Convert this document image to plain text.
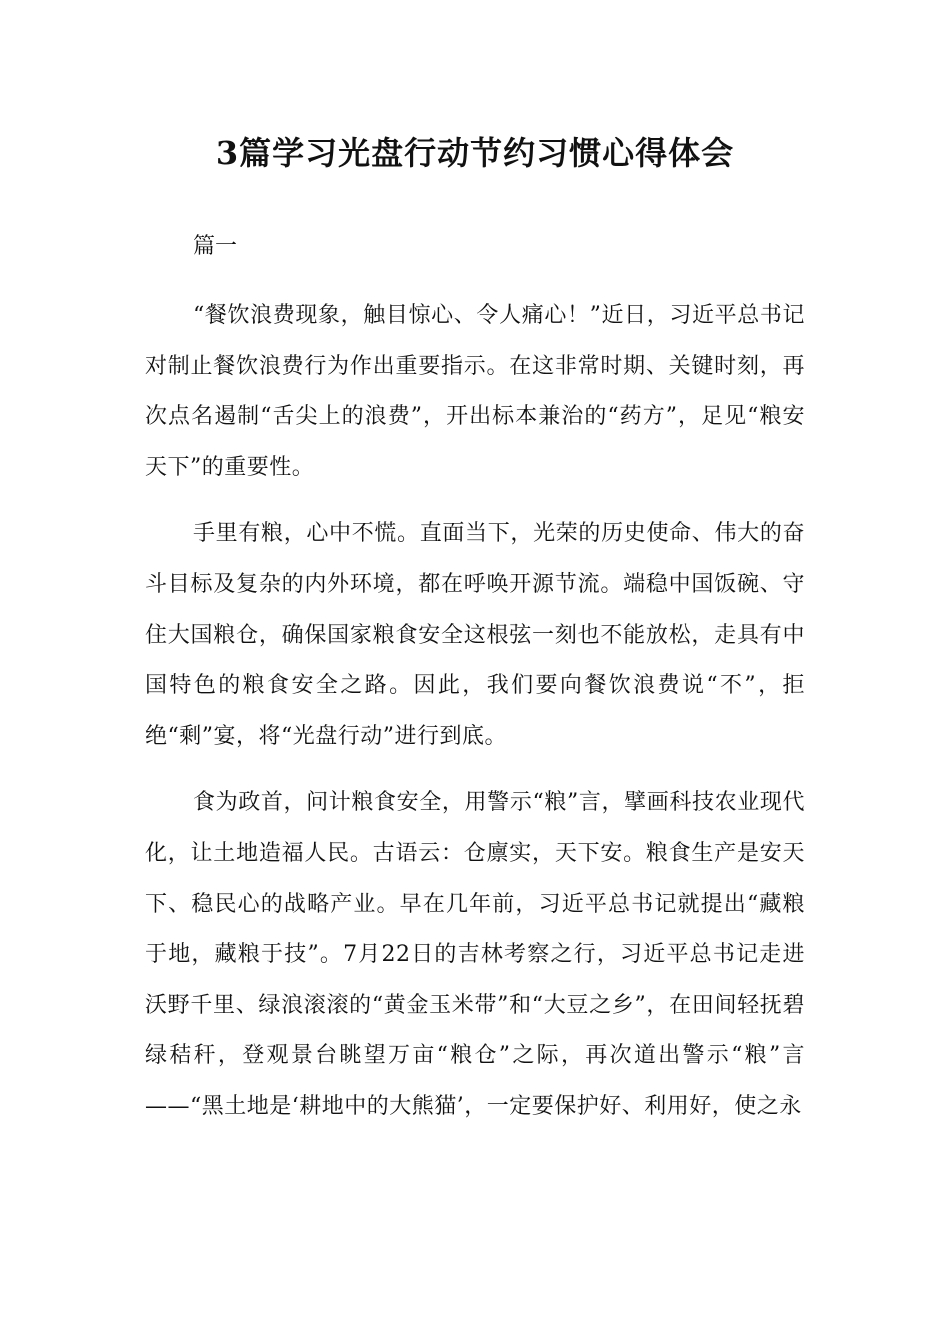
3篇学习光盘行动节约习惯心得体会

篇一

“餐饮浪费现象，触目惊心、令人痛心！”近日，习近平总书记对制止餐饮浪费行为作出重要指示。在这非常时期、关键时刻，再次点名遏制“舌尖上的浪费”，开出标本兼治的“药方”，足见“粮安天下”的重要性。

手里有粮，心中不慌。直面当下，光荣的历史使命、伟大的奋斗目标及复杂的内外环境，都在呼唤开源节流。端稳中国饭碗、守住大国粮仓，确保国家粮食安全这根弦一刻也不能放松，走具有中国特色的粮食安全之路。因此，我们要向餐饮浪费说“不”，拒绝“剩”宴，将“光盘行动”进行到底。

食为政首，问计粮食安全，用警示“粮”言，擘画科技农业现代化，让土地造福人民。古语云：仓廪实，天下安。粮食生产是安天下、稳民心的战略产业。早在几年前，习近平总书记就提出“藏粮于地，藏粮于技”。7月22日的吉林考察之行，习近平总书记走进沃野千里、绿浪滚滚的“黄金玉米带”和“大豆之乡”，在田间轻抚碧绿秸秆，登观景台眺望万亩“粮仓”之际，再次道出警示“粮”言——“黑土地是‘耕地中的大熊猫’，一定要保护好、利用好，使之永
